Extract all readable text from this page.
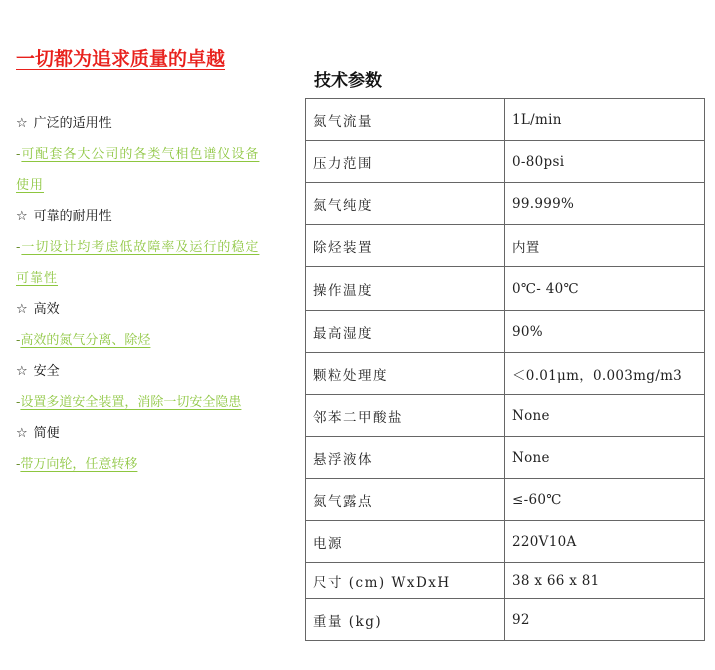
一切都为追求质量的卓越
☆ 广泛的适用性
-可配套各大公司的各类气相色谱仪设备使用
☆ 可靠的耐用性
-一切设计均考虑低故障率及运行的稳定可靠性
☆ 高效
-高效的氮气分离、除烃
☆ 安全
-设置多道安全装置，消除一切安全隐患
☆ 简便
-带万向轮，任意转移
技术参数
氮气流量	1L/min
压力范围	0-80psi
氮气纯度	99.999%
除烃装置	内置
操作温度	0℃- 40℃
最高湿度	90%
颗粒处理度	＜0.01μm，0.003mg/m3
邻苯二甲酸盐	None
悬浮液体	None
氮气露点	≤-60℃
电源	220V10A
尺寸 (cm) WxDxH	38 x 66 x 81
重量 (kg)	92
